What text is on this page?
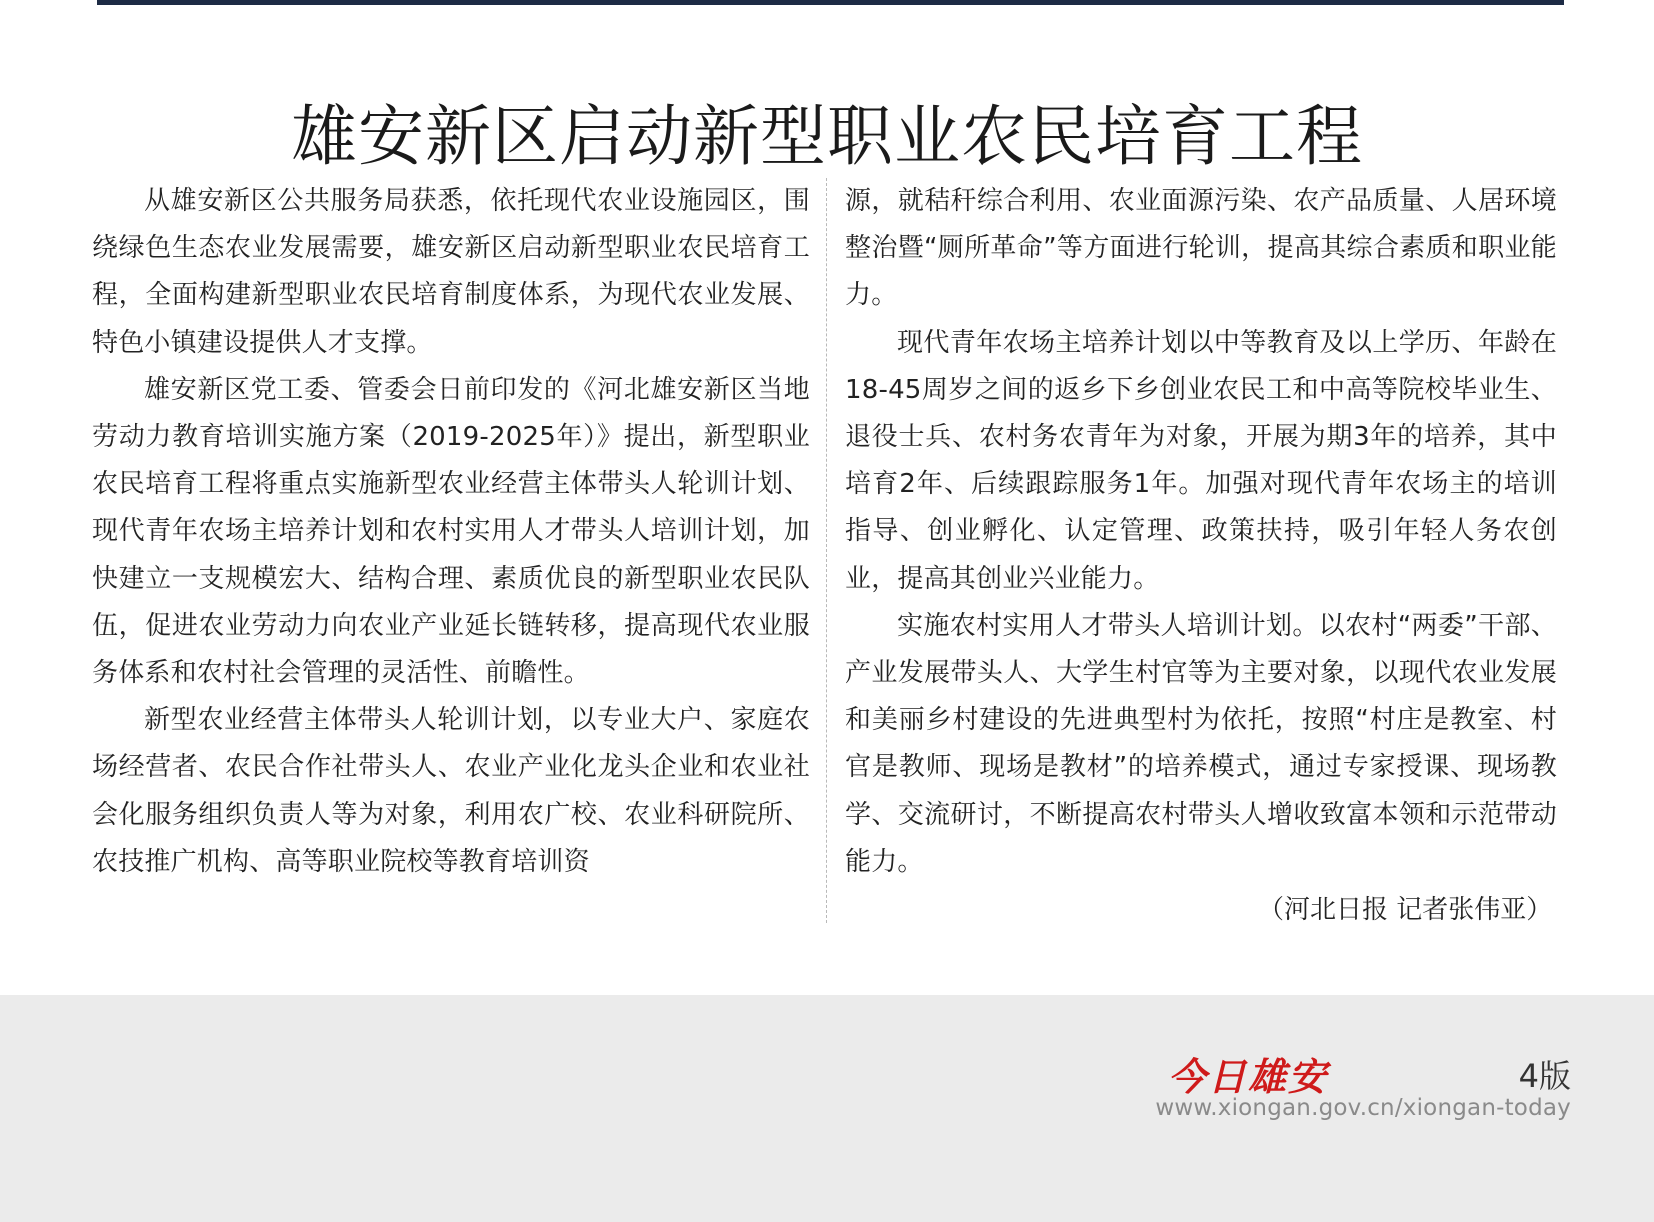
雄安新区启动新型职业农民培育工程

从雄安新区公共服务局获悉，依托现代农业设施园区，围绕绿色生态农业发展需要，雄安新区启动新型职业农民培育工程，全面构建新型职业农民培育制度体系，为现代农业发展、特色小镇建设提供人才支撑。

雄安新区党工委、管委会日前印发的《河北雄安新区当地劳动力教育培训实施方案（2019-2025年）》提出，新型职业农民培育工程将重点实施新型农业经营主体带头人轮训计划、现代青年农场主培养计划和农村实用人才带头人培训计划，加快建立一支规模宏大、结构合理、素质优良的新型职业农民队伍，促进农业劳动力向农业产业延长链转移，提高现代农业服务体系和农村社会管理的灵活性、前瞻性。

新型农业经营主体带头人轮训计划，以专业大户、家庭农场经营者、农民合作社带头人、农业产业化龙头企业和农业社会化服务组织负责人等为对象，利用农广校、农业科研院所、农技推广机构、高等职业院校等教育培训资

源，就秸秆综合利用、农业面源污染、农产品质量、人居环境整治暨“厕所革命”等方面进行轮训，提高其综合素质和职业能力。

现代青年农场主培养计划以中等教育及以上学历、年龄在18-45周岁之间的返乡下乡创业农民工和中高等院校毕业生、退役士兵、农村务农青年为对象，开展为期3年的培养，其中培育2年、后续跟踪服务1年。加强对现代青年农场主的培训指导、创业孵化、认定管理、政策扶持，吸引年轻人务农创业，提高其创业兴业能力。

实施农村实用人才带头人培训计划。以农村“两委”干部、产业发展带头人、大学生村官等为主要对象，以现代农业发展和美丽乡村建设的先进典型村为依托，按照“村庄是教室、村官是教师、现场是教材”的培养模式，通过专家授课、现场教学、交流研讨，不断提高农村带头人增收致富本领和示范带动能力。

（河北日报 记者张伟亚）
今日雄安	4版
www.xiongan.gov.cn/xiongan-today
